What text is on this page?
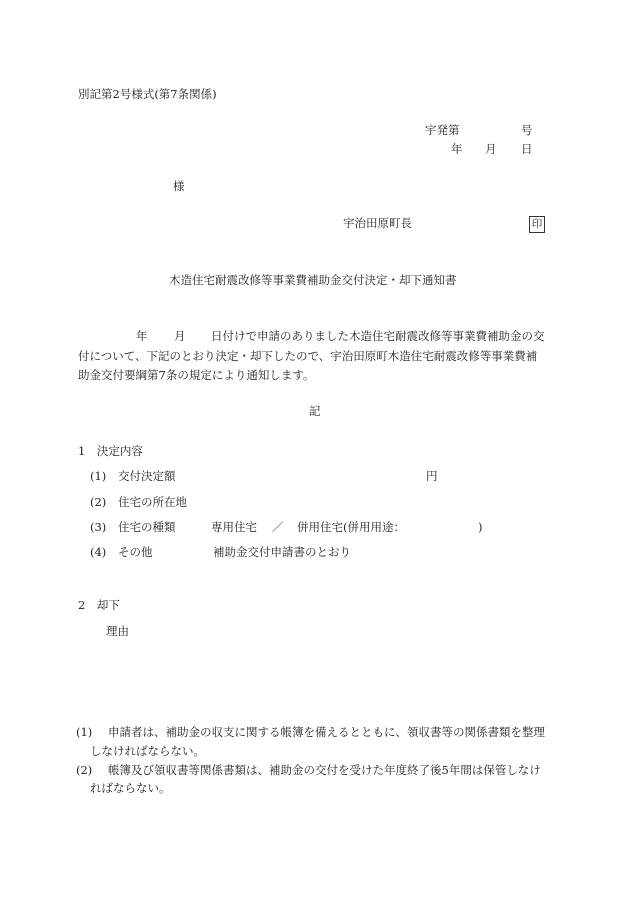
別記第2号様式(第7条関係)
宇発第	号
年 月 日
様
宇治田原町長	印
木造住宅耐震改修等事業費補助金交付決定・却下通知書
年 月 日付けで申請のありました木造住宅耐震改修等事業費補助金の交
付について、下記のとおり決定・却下したので、宇治田原町木造住宅耐震改修等事業費補
助金交付要綱第7条の規定により通知します。
記
1　決定内容
(1) 交付決定額	円
(2) 住宅の所在地
(3) 住宅の種類	専用住宅 ／ 併用住宅(併用用途：	)
(4) その他	補助金交付申請書のとおり
2　却下
理由
(1) 申請者は、補助金の収支に関する帳簿を備えるとともに、領収書等の関係書類を整理
しなければならない。
(2) 帳簿及び領収書等関係書類は、補助金の交付を受けた年度終了後5年間は保管しなけ
ればならない。
